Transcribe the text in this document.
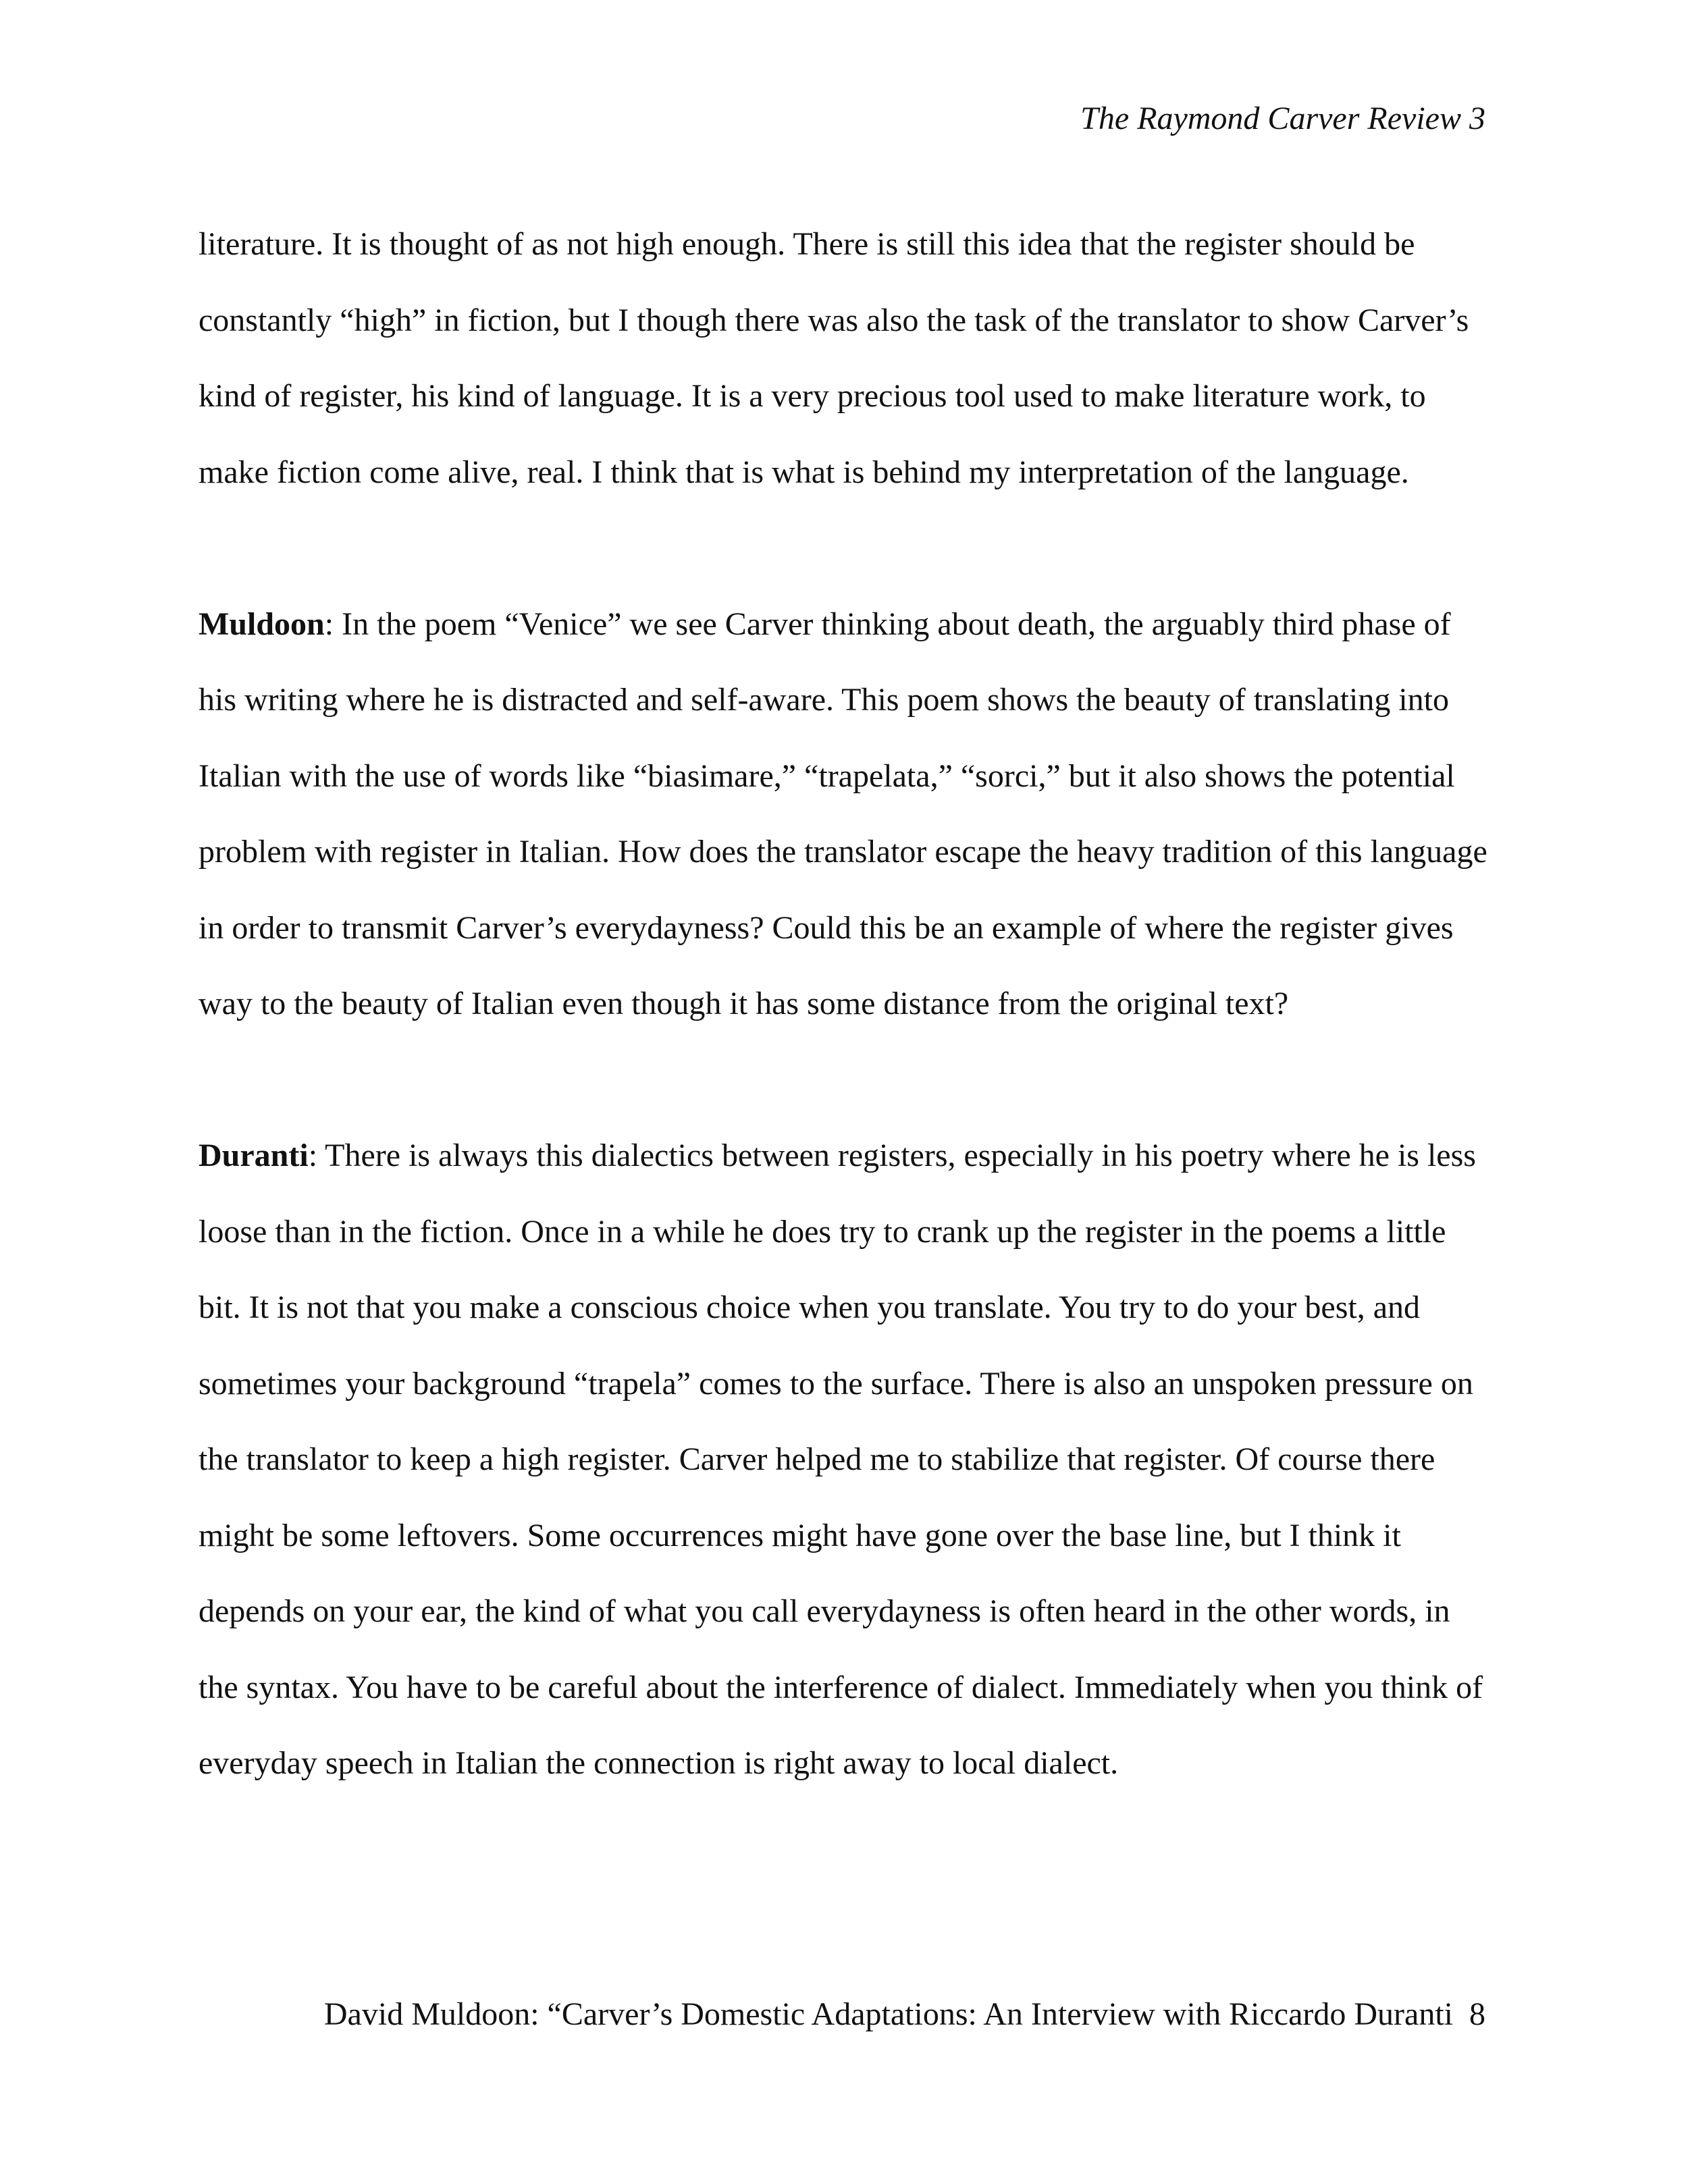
The Raymond Carver Review 3

literature. It is thought of as not high enough. There is still this idea that the register should be constantly “high” in fiction, but I though there was also the task of the translator to show Carver’s kind of register, his kind of language. It is a very precious tool used to make literature work, to make fiction come alive, real. I think that is what is behind my interpretation of the language.

Muldoon: In the poem “Venice” we see Carver thinking about death, the arguably third phase of his writing where he is distracted and self-aware. This poem shows the beauty of translating into Italian with the use of words like “biasimare,” “trapelata,” “sorci,” but it also shows the potential problem with register in Italian. How does the translator escape the heavy tradition of this language in order to transmit Carver’s everydayness? Could this be an example of where the register gives way to the beauty of Italian even though it has some distance from the original text?

Duranti: There is always this dialectics between registers, especially in his poetry where he is less loose than in the fiction. Once in a while he does try to crank up the register in the poems a little bit. It is not that you make a conscious choice when you translate. You try to do your best, and sometimes your background “trapela” comes to the surface. There is also an unspoken pressure on the translator to keep a high register. Carver helped me to stabilize that register. Of course there might be some leftovers. Some occurrences might have gone over the base line, but I think it depends on your ear, the kind of what you call everydayness is often heard in the other words, in the syntax. You have to be careful about the interference of dialect. Immediately when you think of everyday speech in Italian the connection is right away to local dialect.

David Muldoon: “Carver’s Domestic Adaptations: An Interview with Riccardo Duranti 8
